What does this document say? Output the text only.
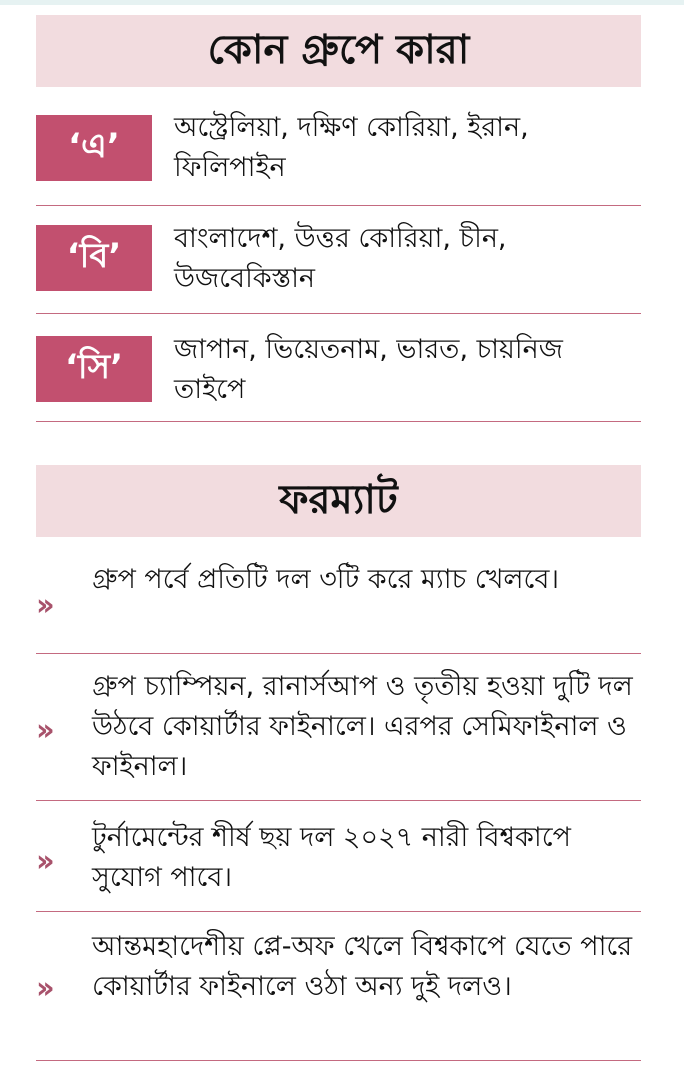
কোন গ্রুপে কারা
‘এ’	অস্ট্রেলিয়া, দক্ষিণ কোরিয়া, ইরান, ফিলিপাইন
‘বি’	বাংলাদেশ, উত্তর কোরিয়া, চীন, উজবেকিস্তান
‘সি’	জাপান, ভিয়েতনাম, ভারত, চায়নিজ তাইপে
ফরম্যাট
››
গ্রুপ পর্বে প্রতিটি দল ৩টি করে ম্যাচ খেলবে।
››
গ্রুপ চ্যাম্পিয়ন, রানার্সআপ ও তৃতীয় হওয়া দুটি দল উঠবে কোয়ার্টার ফাইনালে। এরপর সেমিফাইনাল ও ফাইনাল।
››
টুর্নামেন্টের শীর্ষ ছয় দল ২০২৭ নারী বিশ্বকাপে সুযোগ পাবে।
››
আন্তমহাদেশীয় প্লে-অফ খেলে বিশ্বকাপে যেতে পারে কোয়ার্টার ফাইনালে ওঠা অন্য দুই দলও।
